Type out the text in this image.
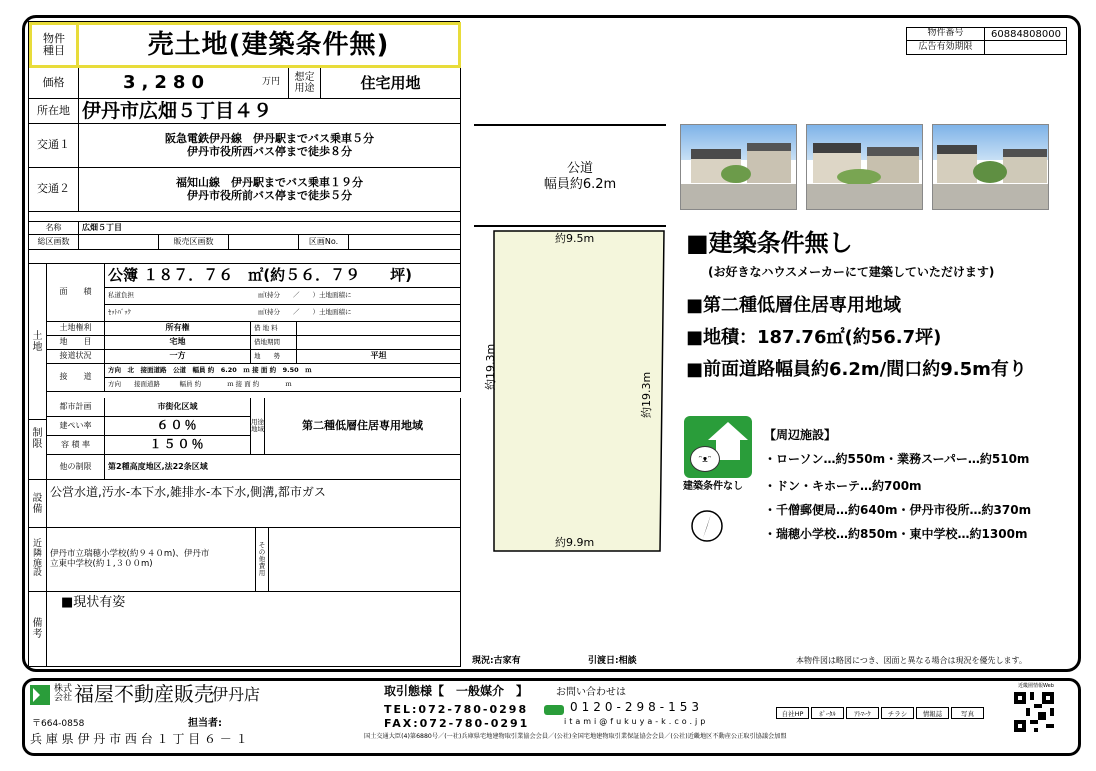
物件
種目	売土地(建築条件無)
価格	3,280	万円	想定
用途	住宅用地
所在地 伊丹市広畑５丁目４９
交通１	阪急電鉄伊丹線　伊丹駅までバス乗車５分
伊丹市役所西バス停まで徒歩８分
交通２	福知山線　伊丹駅までバス乗車１９分
伊丹市役所前バス停まで徒歩５分
名称	広畑５丁目
総区画数	販売区画数	区画No.
土
地
面　　積
公簿 １８７．７６　㎡(約５６．７９　　坪)
私道負担	㎡(持分　　／　　）土地面積に
ｾｯﾄﾊﾞｯｸ	㎡(持分　　／　　）土地面積に
土地権利	所有権	借 地 料
地　　目	宅地	借地期間
接道状況	一方	地　　勢	平坦
接　　道
方向　北　接面道路　公道　幅員 約　6.20　ｍ 接 面 約　9.50　ｍ
方向　　接面道路　　　幅員 約　　　　ｍ 接 面 約　　　　ｍ
制
限
都市計画	市街化区域
建ぺい率	６０％
容 積 率	１５０％
用途地域	第二種低層住居専用地域
他の制限	第2種高度地区,法22条区域
設
備
公営水道,汚水-本下水,雑排水-本下水,側溝,都市ガス
近
隣
施
設
伊丹市立瑞穂小学校(約９４０m)、伊丹市
立東中学校(約１,３００m)
そ
の
他
費
用
備
考
■現状有姿
物件番号	60884808000
広告有効期限
公道
幅員約6.2m
約9.5m
約9.9m
約19.3m
約19.3m
■建築条件無し
(お好きなハウスメーカーにて建築していただけます)
■第二種低層住居専用地域
■地積：187.76㎡(約56.7坪)
■前面道路幅員約6.2m/間口約9.5m有り
ᵔᴥᵔ
建築条件なし
【周辺施設】
・ローソン…約550m・業務スーパー…約510m
・ドン・キホーテ…約700m
・千僧郵便局…約640m・伊丹市役所…約370m
・瑞穂小学校…約850m・東中学校…約1300m
現況:古家有	引渡日:相談	本物件図は略図につき、図面と異なる場合は現況を優先します。
株式
会社 福屋不動産販売
伊丹店
〒664-0858	担当者:
兵 庫 県 伊 丹 市 西 台 １ 丁 目 ６ － １
取引態様【　一般媒介　】	お問い合わせは
TEL:072-780-0298
FAX:072-780-0291
0120-298-153
itami@fukuya-k.co.jp
国土交通大臣(4)第6880号／(一社)兵庫県宅地建物取引業協会会員／(公社)全国宅地建物取引業保証協会会員／(公社)近畿地区不動産公正取引協議会加盟
自社HP	ﾎﾟｰﾀﾙ	ｱﾄﾏｰｸ	チラシ	情報誌	写真
近畿圏情報Web
